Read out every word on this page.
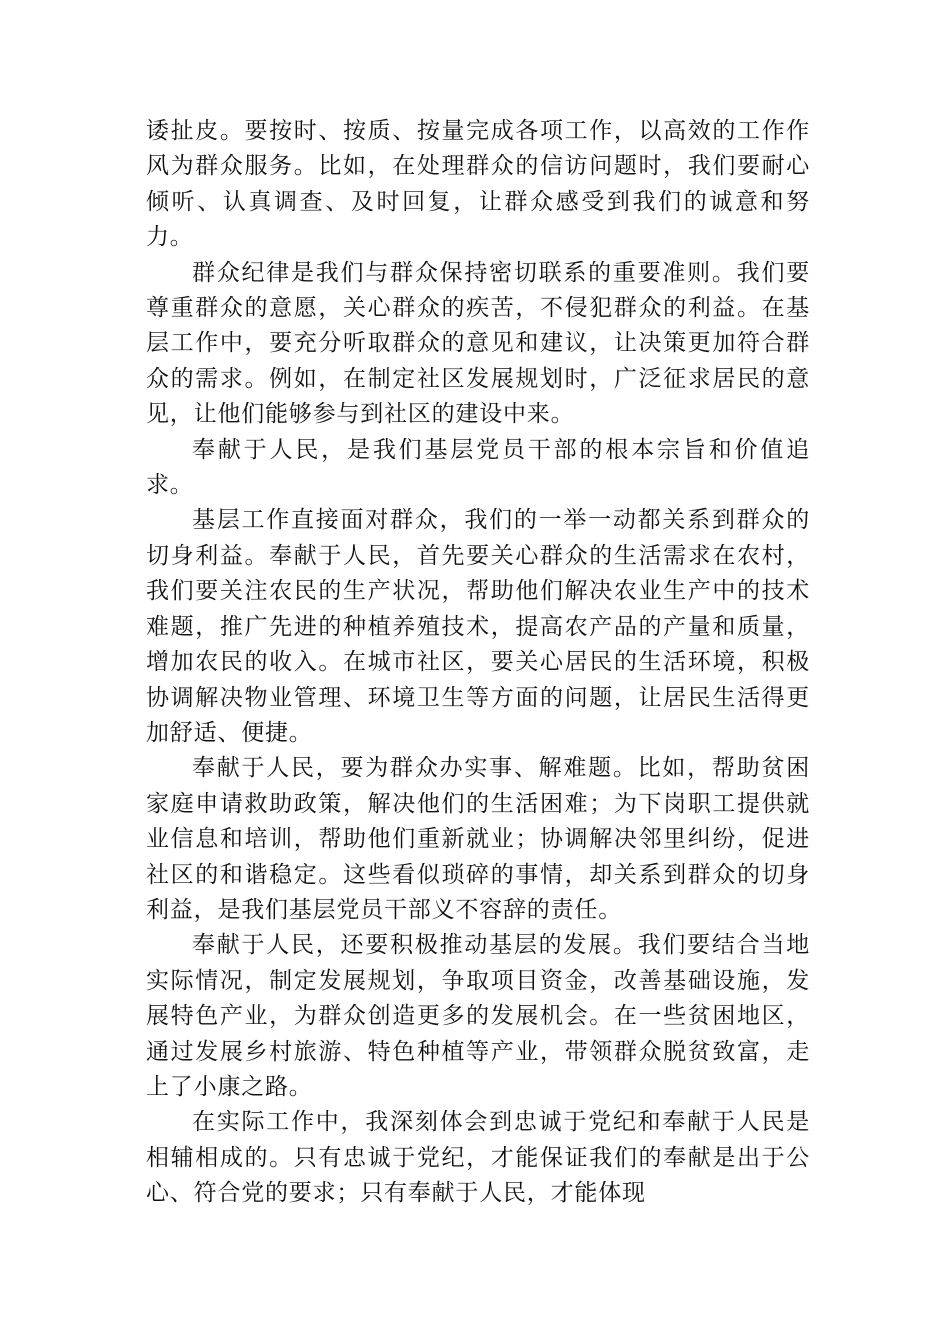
诿扯皮。要按时、按质、按量完成各项工作，以高效的工作作风为群众服务。比如，在处理群众的信访问题时，我们要耐心倾听、认真调查、及时回复，让群众感受到我们的诚意和努力。

群众纪律是我们与群众保持密切联系的重要准则。我们要尊重群众的意愿，关心群众的疾苦，不侵犯群众的利益。在基层工作中，要充分听取群众的意见和建议，让决策更加符合群众的需求。例如，在制定社区发展规划时，广泛征求居民的意见，让他们能够参与到社区的建设中来。

奉献于人民，是我们基层党员干部的根本宗旨和价值追求。

基层工作直接面对群众，我们的一举一动都关系到群众的切身利益。奉献于人民，首先要关心群众的生活需求在农村，我们要关注农民的生产状况，帮助他们解决农业生产中的技术难题，推广先进的种植养殖技术，提高农产品的产量和质量，增加农民的收入。在城市社区，要关心居民的生活环境，积极协调解决物业管理、环境卫生等方面的问题，让居民生活得更加舒适、便捷。

奉献于人民，要为群众办实事、解难题。比如，帮助贫困家庭申请救助政策，解决他们的生活困难；为下岗职工提供就业信息和培训，帮助他们重新就业；协调解决邻里纠纷，促进社区的和谐稳定。这些看似琐碎的事情，却关系到群众的切身利益，是我们基层党员干部义不容辞的责任。

奉献于人民，还要积极推动基层的发展。我们要结合当地实际情况，制定发展规划，争取项目资金，改善基础设施，发展特色产业，为群众创造更多的发展机会。在一些贫困地区，通过发展乡村旅游、特色种植等产业，带领群众脱贫致富，走上了小康之路。

在实际工作中，我深刻体会到忠诚于党纪和奉献于人民是相辅相成的。只有忠诚于党纪，才能保证我们的奉献是出于公心、符合党的要求；只有奉献于人民，才能体现
